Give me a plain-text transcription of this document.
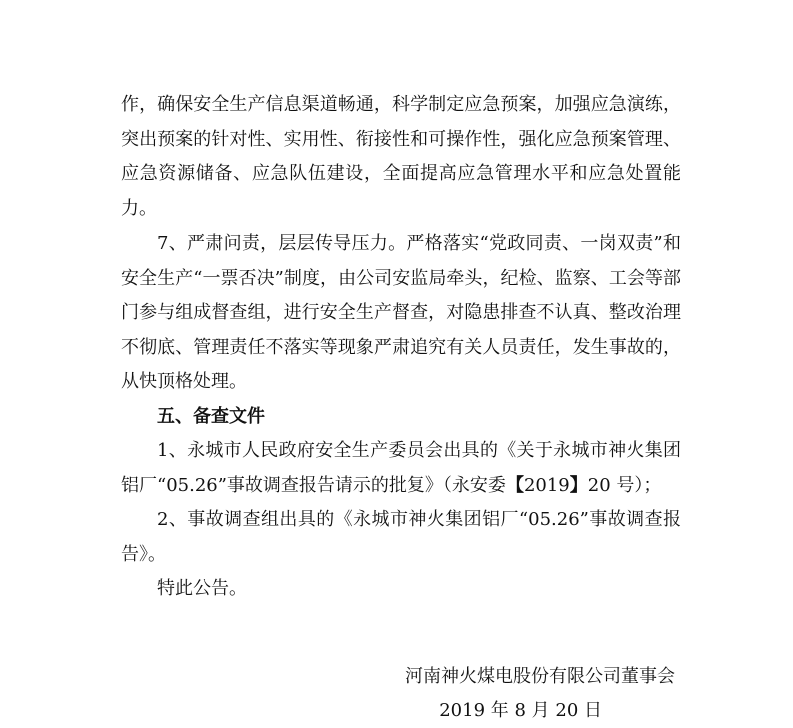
作，确保安全生产信息渠道畅通，科学制定应急预案，加强应急演练，突出预案的针对性、实用性、衔接性和可操作性，强化应急预案管理、应急资源储备、应急队伍建设，全面提高应急管理水平和应急处置能力。

7、严肃问责，层层传导压力。严格落实“党政同责、一岗双责”和安全生产“一票否决”制度，由公司安监局牵头，纪检、监察、工会等部门参与组成督查组，进行安全生产督查，对隐患排查不认真、整改治理不彻底、管理责任不落实等现象严肃追究有关人员责任，发生事故的，从快顶格处理。

五、备查文件

1、永城市人民政府安全生产委员会出具的《关于永城市神火集团铝厂“05.26”事故调查报告请示的批复》（永安委【2019】20 号）；

2、事故调查组出具的《永城市神火集团铝厂“05.26”事故调查报告》。

特此公告。

河南神火煤电股份有限公司董事会

2019 年 8 月 20 日
